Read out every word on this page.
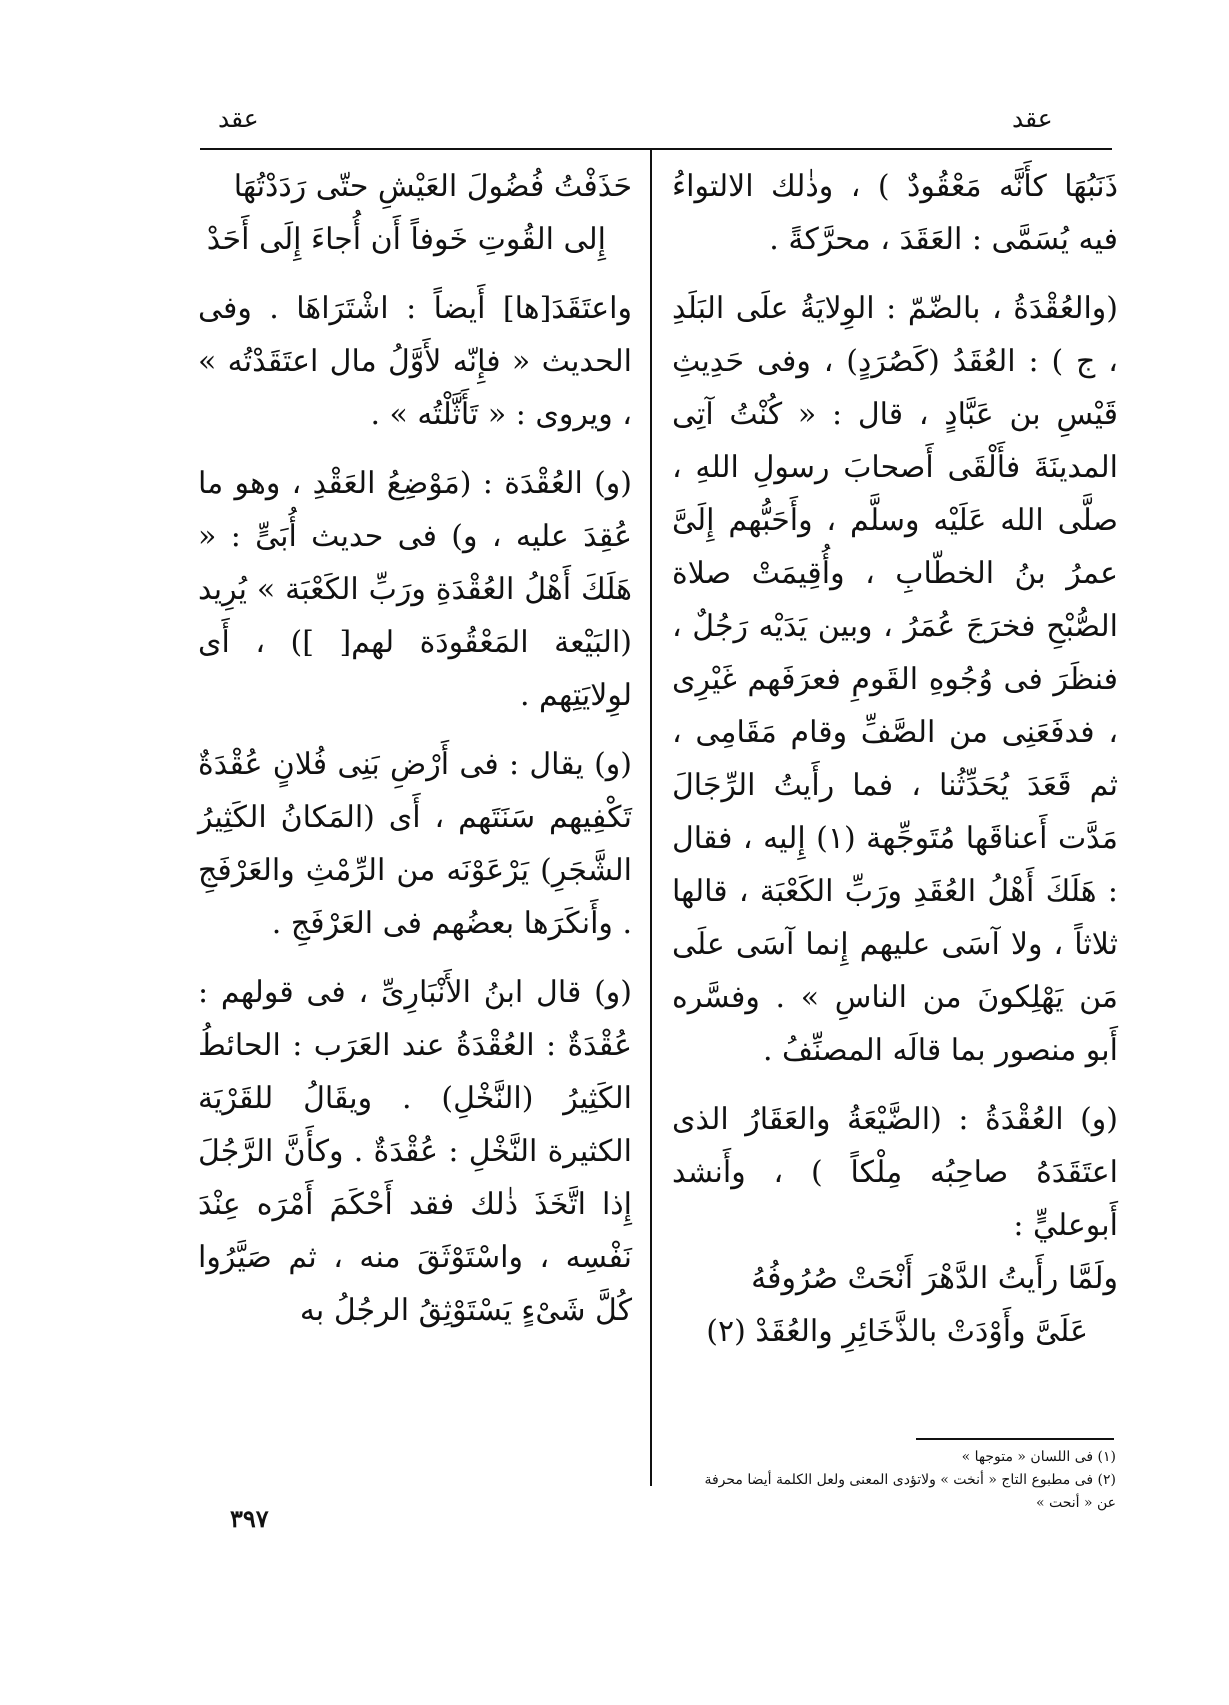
عقد
عقد

ذَنَبُهَا كأَنَّه مَعْقُودٌ ) ، وذٰلك الالتواءُ فيه يُسَمَّى : العَقَدَ ، محرَّكةً .

(والعُقْدَةُ ، بالضّمّ : الوِلايَةُ علَى البَلَدِ ، ج ) : العُقَدُ (كَصُرَدٍ) ، وفى حَدِيثِ قَيْسِ بن عَبَّادٍ ، قال : « كُنْتُ آتِى المدينَةَ فأَلْقَى أَصحابَ رسولِ اللهِ ، صلَّى الله عَلَيْه وسلَّم ، وأَحَبُّهم إِلَىَّ عمرُ بنُ الخطّابِ ، وأُقِيمَتْ صلاة الصُّبْحِ فخرَجَ عُمَرُ ، وبين يَدَيْه رَجُلٌ ، فنظَرَ فى وُجُوهِ القَومِ فعرَفَهم غَيْرِى ، فدفَعَنِى من الصَّفِّ وقام مَقَامِى ، ثم قَعَدَ يُحَدِّثُنا ، فما رأَيتُ الرِّجَالَ مَدَّت أَعناقَها مُتَوجِّهة (١) إِليه ، فقال : هَلَكَ أَهْلُ العُقَدِ ورَبِّ الكَعْبَة ، قالها ثلاثاً ، ولا آسَى عليهم إِنما آسَى علَى مَن يَهْلِكونَ من الناسِ » . وفسَّره أَبو منصور بما قالَه المصنِّفُ .

(و) العُقْدَةُ : (الضَّيْعَةُ والعَقَارُ الذى اعتَقَدَهُ صاحِبُه مِلْكاً ) ، وأَنشد أَبوعليٍّ :

ولَمَّا رأَيتُ الدَّهْرَ أَنْحَتْ صُرُوفُهُ

عَلَىَّ وأَوْدَتْ بالذَّخَائِرِ والعُقَدْ (٢)

حَذَفْتُ فُضُولَ العَيْشِ حتّى رَدَدْتُهَا

إِلى القُوتِ خَوفاً أَن أُجاءَ إِلَى أَحَدْ

واعتَقَدَ[ها] أَيضاً : اشْتَرَاهَا . وفى الحديث « فإِنّه لأَوَّلُ مال اعتَقَدْتُه » ، ويروى : « تَأَثَّلْتُه » .

(و) العُقْدَة : (مَوْضِعُ العَقْدِ ، وهو ما عُقِدَ عليه ، و) فى حديث أُبَىٍّ : « هَلَكَ أَهْلُ العُقْدَةِ ورَبِّ الكَعْبَة » يُرِيد (البَيْعة المَعْقُودَة لهم[ ]) ، أَى لوِلايَتِهم .

(و) يقال : فى أَرْضِ بَنِى فُلانٍ عُقْدَةٌ تَكْفِيهم سَنَتَهم ، أَى (المَكانُ الكَثِيرُ الشَّجَرِ) يَرْعَوْنَه من الرِّمْثِ والعَرْفَجِ . وأَنكَرَها بعضُهم فى العَرْفَجِ .

(و) قال ابنُ الأَنْبَارِىِّ ، فى قولهم : عُقْدَةٌ : العُقْدَةُ عند العَرَب : الحائطُ الكَثِيرُ (النَّخْلِ) . ويقَالُ للقَرْيَة الكثيرة النَّخْلِ : عُقْدَةٌ . وكأَنَّ الرَّجُلَ إِذا اتَّخَذَ ذٰلك فقد أَحْكَمَ أَمْرَه عِنْدَ نَفْسِه ، واسْتَوْثَقَ منه ، ثم صَيَّرُوا كُلَّ شَىْءٍ يَسْتَوْثِقُ الرجُلُ به

(١) فى اللسان « متوجها »

(٢) فى مطبوع التاج « أنخت » ولاتؤدى المعنى ولعل الكلمة أيضا محرفة عن « أنحت »

٣٩٧
